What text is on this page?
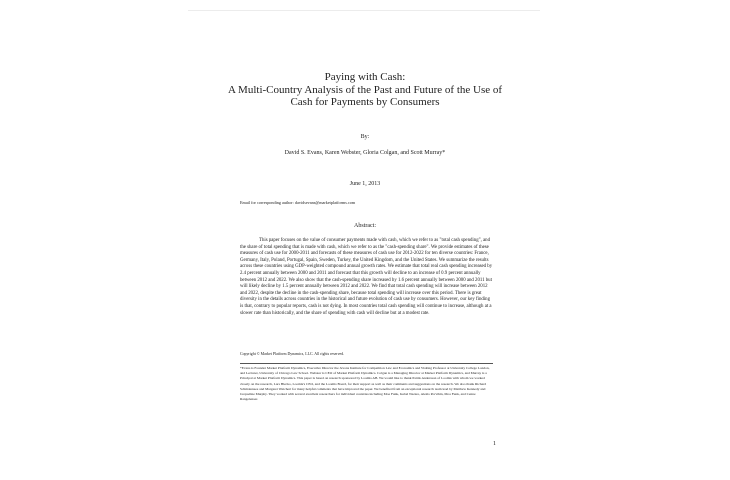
Paying with Cash:
A Multi-Country Analysis of the Past and Future of the Use of
Cash for Payments by Consumers
By:
David S. Evans, Karen Webster, Gloria Colgan, and Scott Murray*
June 1, 2013
Email for corresponding author: davidsevans@marketplatforms.com
Abstract:
This paper focuses on the value of consumer payments made with cash, which we refer to as "total cash spending", and the share of total spending that is made with cash, which we refer to as the "cash-spending share". We provide estimates of these measures of cash use for 2000-2011 and forecasts of these measures of cash use for 2012-2022 for ten diverse countries: France, Germany, Italy, Poland, Portugal, Spain, Sweden, Turkey, the United Kingdom, and the United States. We summarize the results across these countries using GDP-weighted compound annual growth rates. We estimate that total real cash spending increased by 2.4 percent annually between 2000 and 2011 and forecast that this growth will decline to an increase of 0.9 percent annually between 2012 and 2022. We also show that the cash-spending share increased by 1.6 percent annually between 2000 and 2011 but will likely decline by 1.5 percent annually between 2012 and 2022. We find that total cash spending will increase between 2012 and 2022, despite the decline in the cash-spending share, because total spending will increase over this period. There is great diversity in the details across countries in the historical and future evolution of cash use by consumers. However, our key finding is that, contrary to popular reports, cash is not dying. In most countries total cash spending will continue to increase, although at a slower rate than historically, and the share of spending with cash will decline but at a modest rate.
Copyright © Market Platform Dynamics, LLC. All rights reserved.
*Evans is Founder Market Platform Dynamics, Executive Director the Jevons Institute for Competition Law and Economics and Visiting Professor at University College London, and Lecturer, University of Chicago Law School. Webster is CEO of Market Platform Dynamics. Colgan is a Managing Director at Market Platform Dynamics, and Murray is a Principal at Market Platform Dynamics. This paper is based on research sponsored by Loomis AB. We would like to thank Patrik Andersson of Loomis with whom we worked closely on the research, Lars Blecko, Loomis's CEO, and the Loomis Board, for their support as well as their comments and suggestions on the research. We also thank Richard Schmalensee and Margaret Weichert for many helpful comments that have improved the paper. We benefited from an exceptional research team lead by Matthew Kennedy and Jacqueline Murphy. They worked with several excellent researchers for individual countries including Moa Funk, Isabel Nazare, Alexis Porvthin, Moa Funk, and Cenne Rangelenser.
1
